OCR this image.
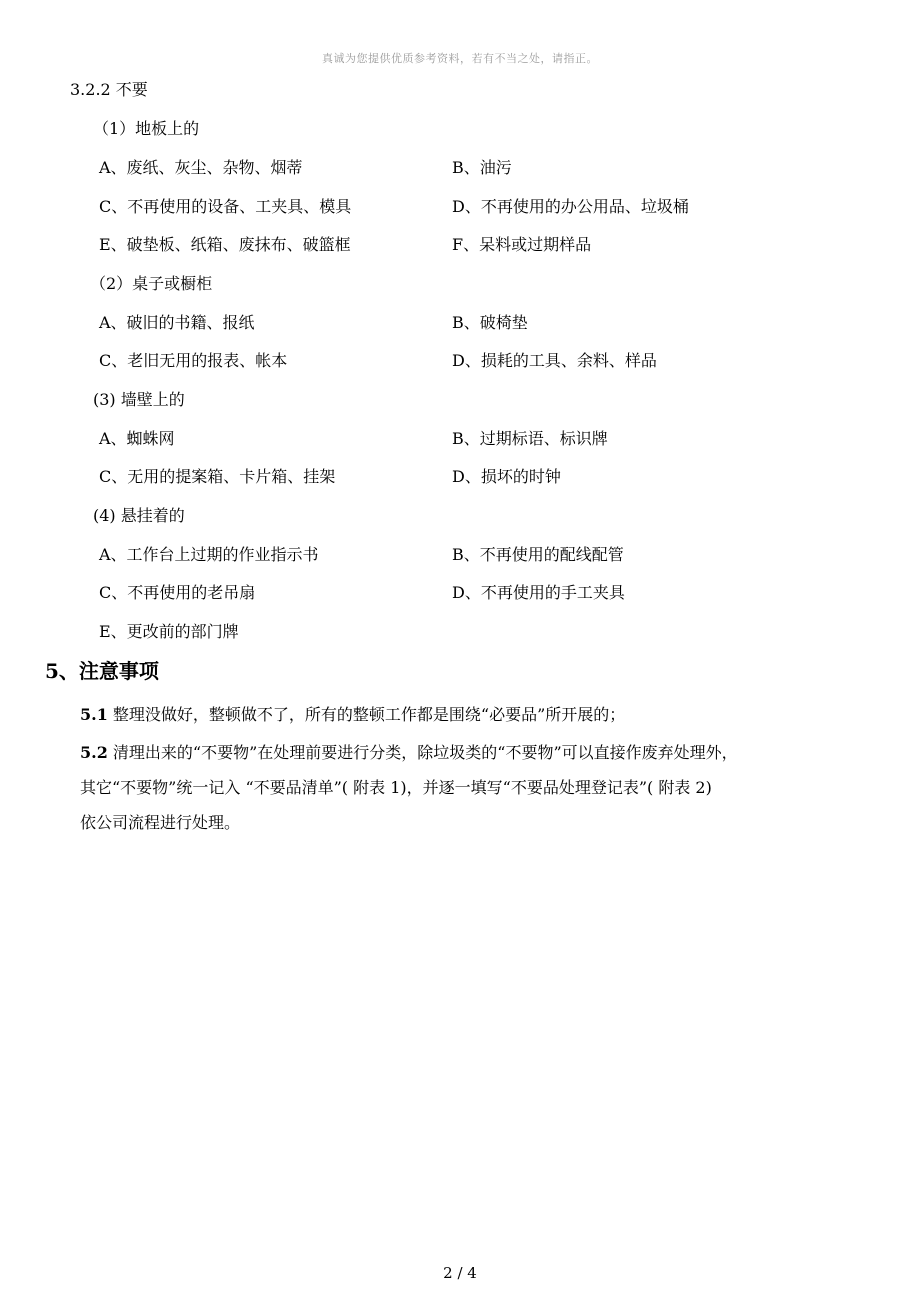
真诚为您提供优质参考资料，若有不当之处，请指正。
3.2.2 不要
（1）地板上的
A、废纸、灰尘、杂物、烟蒂	B、油污
C、不再使用的设备、工夹具、模具	D、不再使用的办公用品、垃圾桶
E、破垫板、纸箱、废抹布、破篮框	F、呆料或过期样品
（2）桌子或橱柜
A、破旧的书籍、报纸	B、破椅垫
C、老旧无用的报表、帐本	D、损耗的工具、余料、样品
(3) 墙壁上的
A、蜘蛛网	B、过期标语、标识牌
C、无用的提案箱、卡片箱、挂架	D、损坏的时钟
(4) 悬挂着的
A、工作台上过期的作业指示书	B、不再使用的配线配管
C、不再使用的老吊扇	D、不再使用的手工夹具
E、更改前的部门牌
5、注意事项
5.1 整理没做好，整顿做不了，所有的整顿工作都是围绕“必要品”所开展的；
5.2 清理出来的“不要物”在处理前要进行分类，除垃圾类的“不要物”可以直接作废弃处理外，
其它“不要物”统一记入 “不要品清单”( 附表 1)，并逐一填写“不要品处理登记表”( 附表 2)
依公司流程进行处理。
2 / 4
